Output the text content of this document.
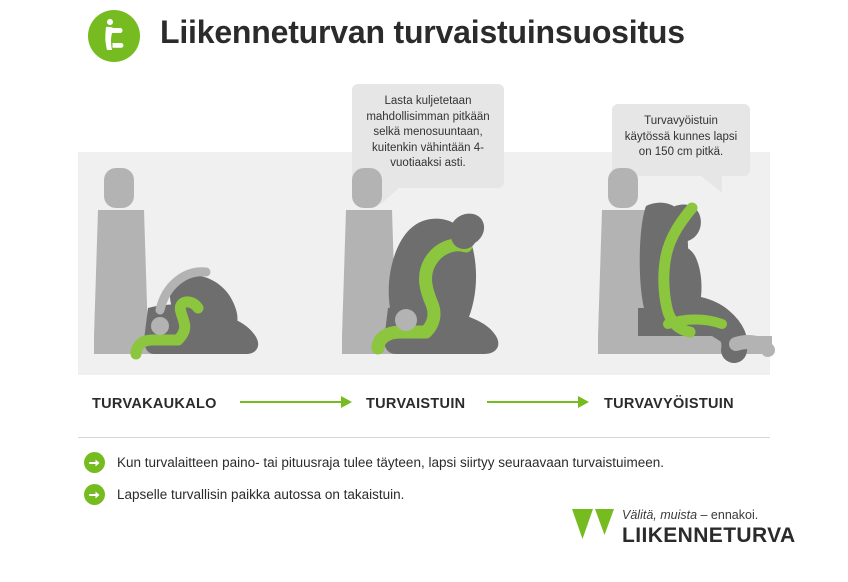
Liikenneturvan turvaistuinsuositus
Lasta kuljetetaan mahdollisimman pitkään selkä menosuuntaan, kuitenkin vähintään 4-vuotiaaksi asti.
Turvavyöistuin käytössä kunnes lapsi on 150 cm pitkä.
TURVAKAUKALO	TURVAISTUIN	TURVAVYÖISTUIN
Kun turvalaitteen paino- tai pituusraja tulee täyteen, lapsi siirtyy seuraavaan turvaistuimeen.
Lapselle turvallisin paikka autossa on takaistuin.
Välitä, muista – ennakoi.
LIIKENNETURVA
